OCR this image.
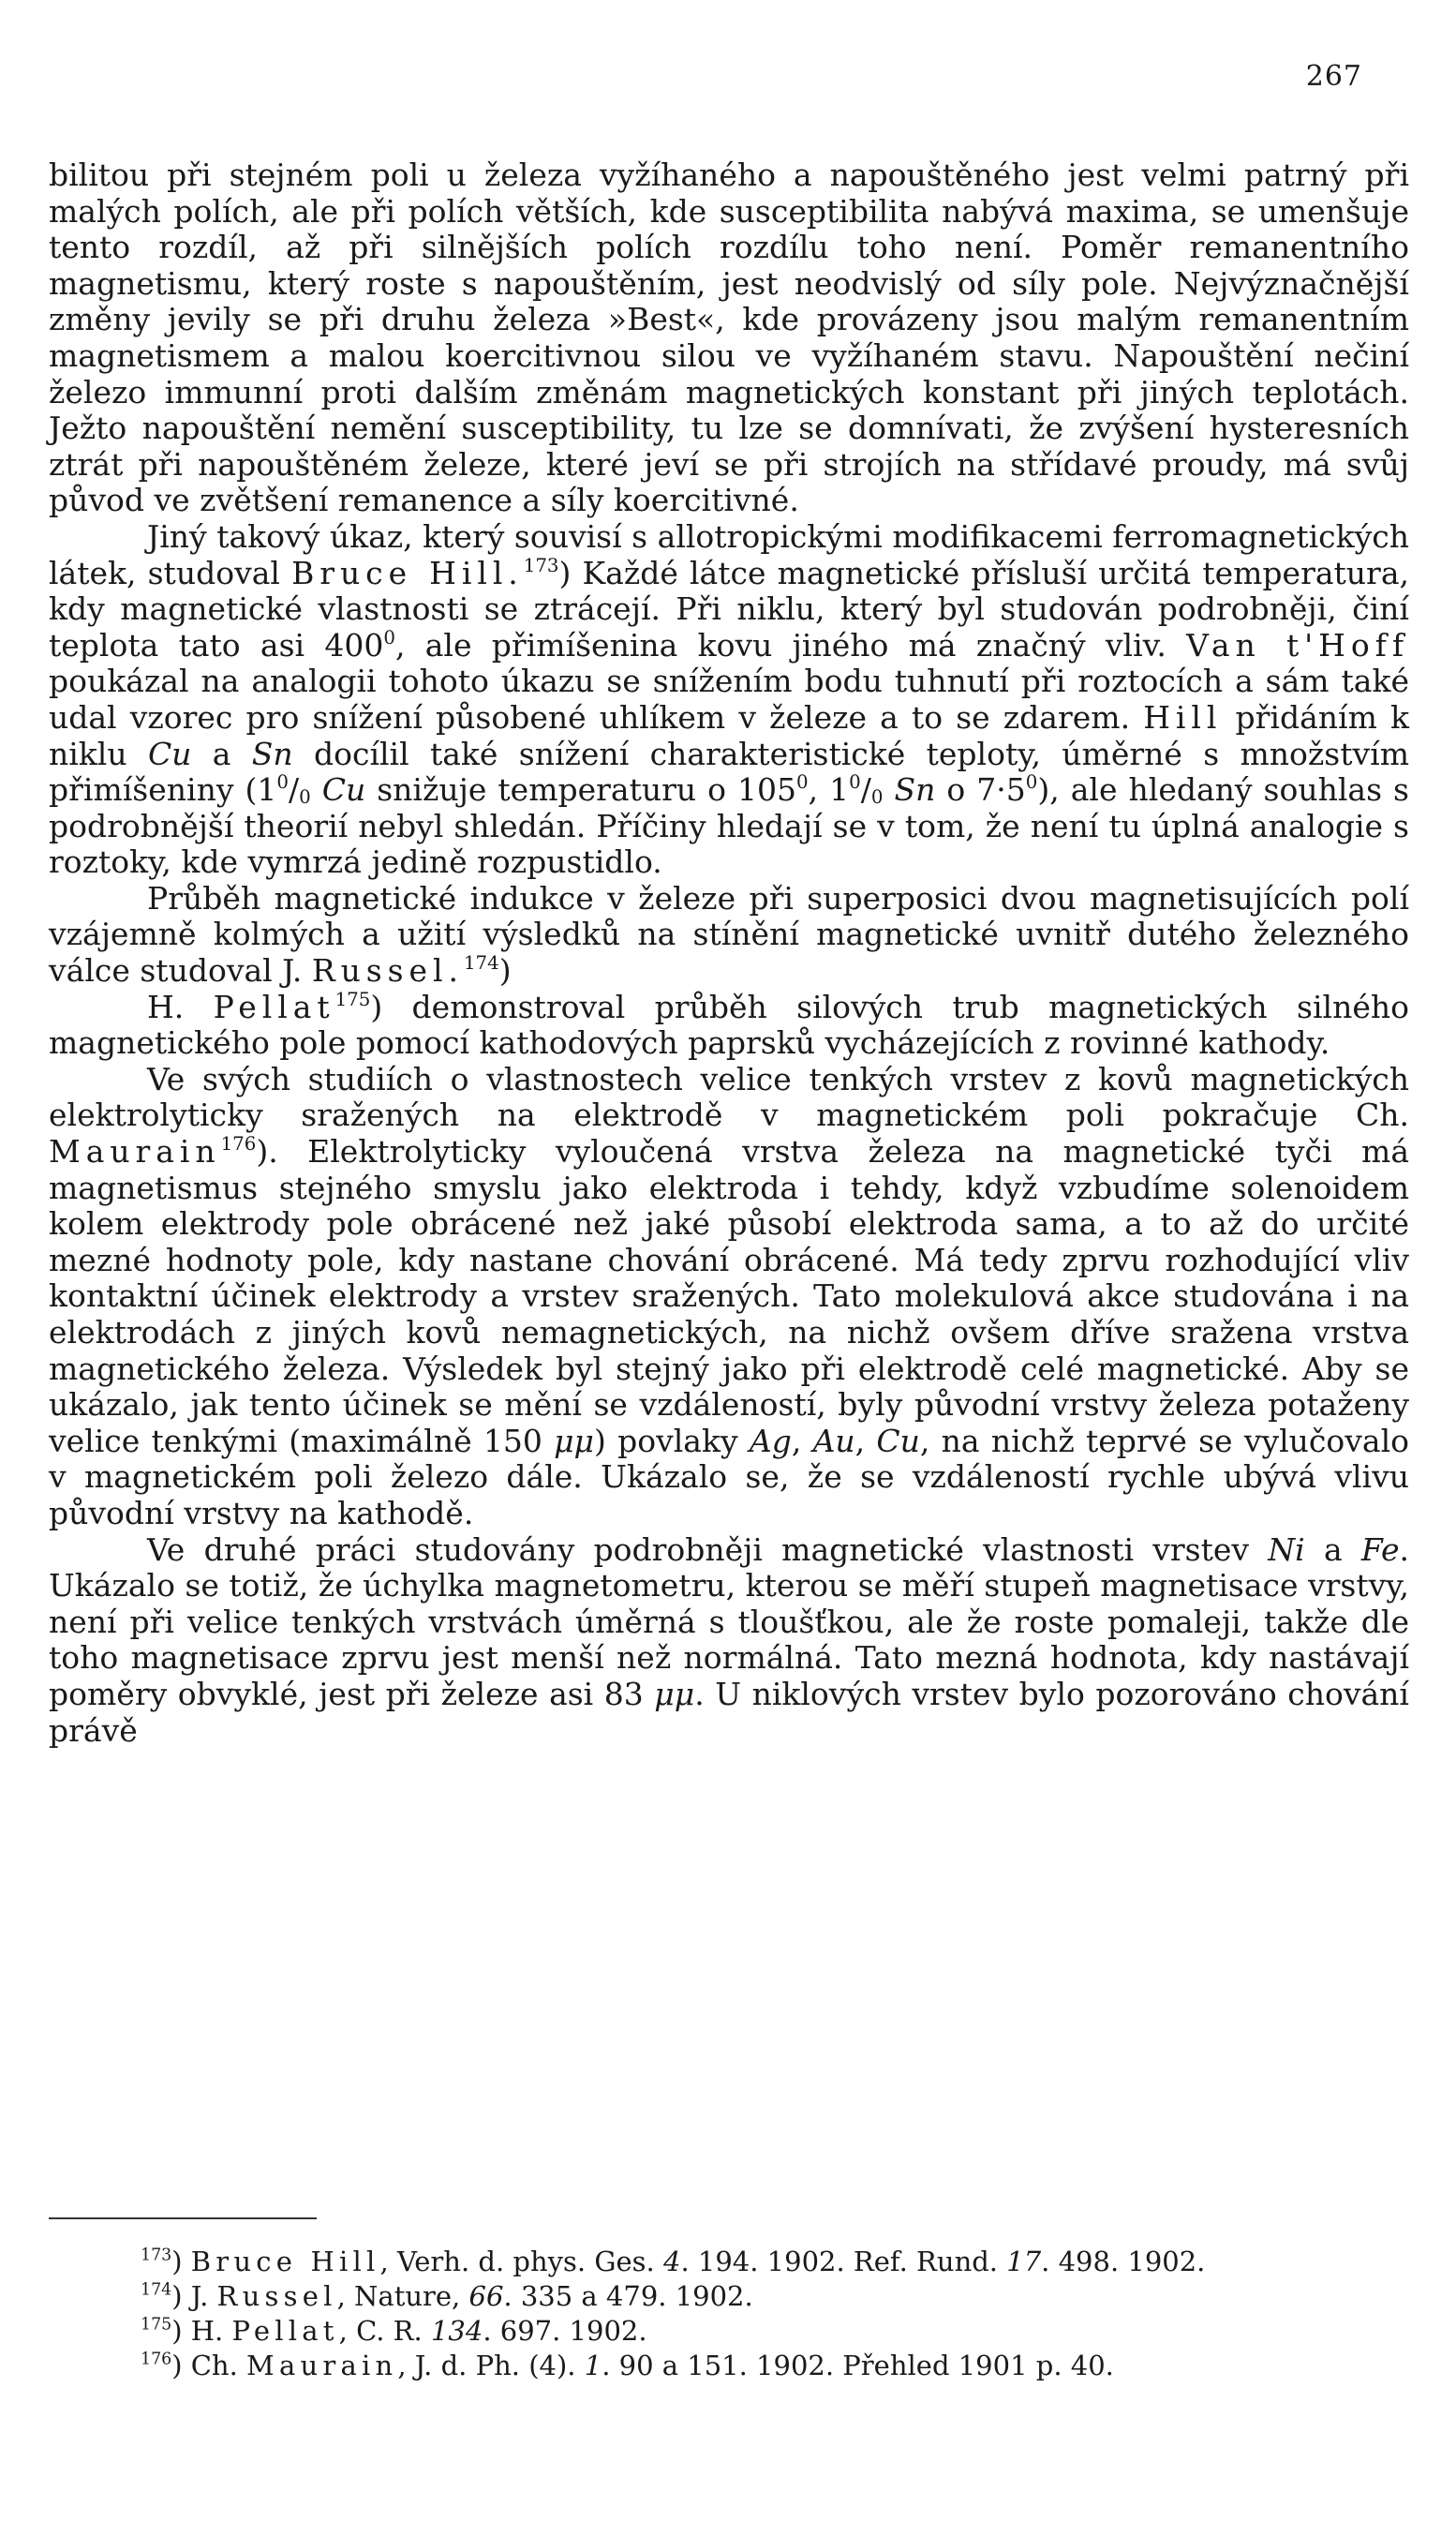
267

bilitou při stejném poli u železa vyžíhaného a napouštěného jest velmi patrný při malých polích, ale při polích větších, kde susceptibilita nabývá maxima, se umenšuje tento rozdíl, až při silnějších polích rozdílu toho není. Poměr remanentního magnetismu, který roste s napouštěním, jest neodvislý od síly pole. Nejvýznačnější změny jevily se při druhu železa »Best«, kde provázeny jsou malým remanentním magnetismem a malou koercitivnou silou ve vyžíhaném stavu. Napouštění nečiní železo immunní proti dalším změnám magnetických konstant při jiných teplotách. Ježto napouštění nemění susceptibility, tu lze se domnívati, že zvýšení hysteresních ztrát při napouštěném železe, které jeví se při strojích na střídavé proudy, má svůj původ ve zvětšení remanence a síly koercitivné.

Jiný takový úkaz, který souvisí s allotropickými modifikacemi ferromagnetických látek, studoval Bruce Hill.$^{173}$) Každé látce magnetické přísluší určitá temperatura, kdy magnetické vlastnosti se ztrácejí. Při niklu, který byl studován podrobněji, činí teplota tato asi $400^0$, ale přimíšenina kovu jiného má značný vliv. Van t'Hoff poukázal na analogii tohoto úkazu se snížením bodu tuhnutí při roztocích a sám také udal vzorec pro snížení působené uhlíkem v železe a to se zdarem. Hill přidáním k niklu Cu a Sn docílil také snížení charakteristické teploty, úměrné s množstvím přimíšeniny ($1^0/_0$ Cu snižuje temperaturu o $105^0$, $1^0/_0$ Sn o $7\cdot 5^0$), ale hledaný souhlas s podrobnější theorií nebyl shledán. Příčiny hledají se v tom, že není tu úplná analogie s roztoky, kde vymrzá jedině rozpustidlo.

Průběh magnetické indukce v železe při superposici dvou magnetisujících polí vzájemně kolmých a užití výsledků na stínění magnetické uvnitř dutého železného válce studoval J. Russel.$^{174}$)

H. Pellat$^{175}$) demonstroval průběh silových trub magnetických silného magnetického pole pomocí kathodových paprsků vycházejících z rovinné kathody.

Ve svých studiích o vlastnostech velice tenkých vrstev z kovů magnetických elektrolyticky sražených na elektrodě v magnetickém poli pokračuje Ch. Maurain$^{176}$). Elektrolyticky vyloučená vrstva železa na magnetické tyči má magnetismus stejného smyslu jako elektroda i tehdy, když vzbudíme solenoidem kolem elektrody pole obrácené než jaké působí elektroda sama, a to až do určité mezné hodnoty pole, kdy nastane chování obrácené. Má tedy zprvu rozhodující vliv kontaktní účinek elektrody a vrstev sražených. Tato molekulová akce studována i na elektrodách z jiných kovů nemagnetických, na nichž ovšem dříve sražena vrstva magnetického železa. Výsledek byl stejný jako při elektrodě celé magnetické. Aby se ukázalo, jak tento účinek se mění se vzdáleností, byly původní vrstvy železa potaženy velice tenkými (maximálně 150 μμ) povlaky Ag, Au, Cu, na nichž teprvé se vylučovalo v magnetickém poli železo dále. Ukázalo se, že se vzdáleností rychle ubývá vlivu původní vrstvy na kathodě.

Ve druhé práci studovány podrobněji magnetické vlastnosti vrstev Ni a Fe. Ukázalo se totiž, že úchylka magnetometru, kterou se měří stupeň magnetisace vrstvy, není při velice tenkých vrstvách úměrná s tloušťkou, ale že roste pomaleji, takže dle toho magnetisace zprvu jest menší než normálná. Tato mezná hodnota, kdy nastávají poměry obvyklé, jest při železe asi 83 μμ. U niklových vrstev bylo pozorováno chování právě

$^{173}$) Bruce Hill, Verh. d. phys. Ges. 4. 194. 1902. Ref. Rund. 17. 498. 1902.

$^{174}$) J. Russel, Nature, 66. 335 a 479. 1902.

$^{175}$) H. Pellat, C. R. 134. 697. 1902.

$^{176}$) Ch. Maurain, J. d. Ph. (4). 1. 90 a 151. 1902. Přehled 1901 p. 40.
